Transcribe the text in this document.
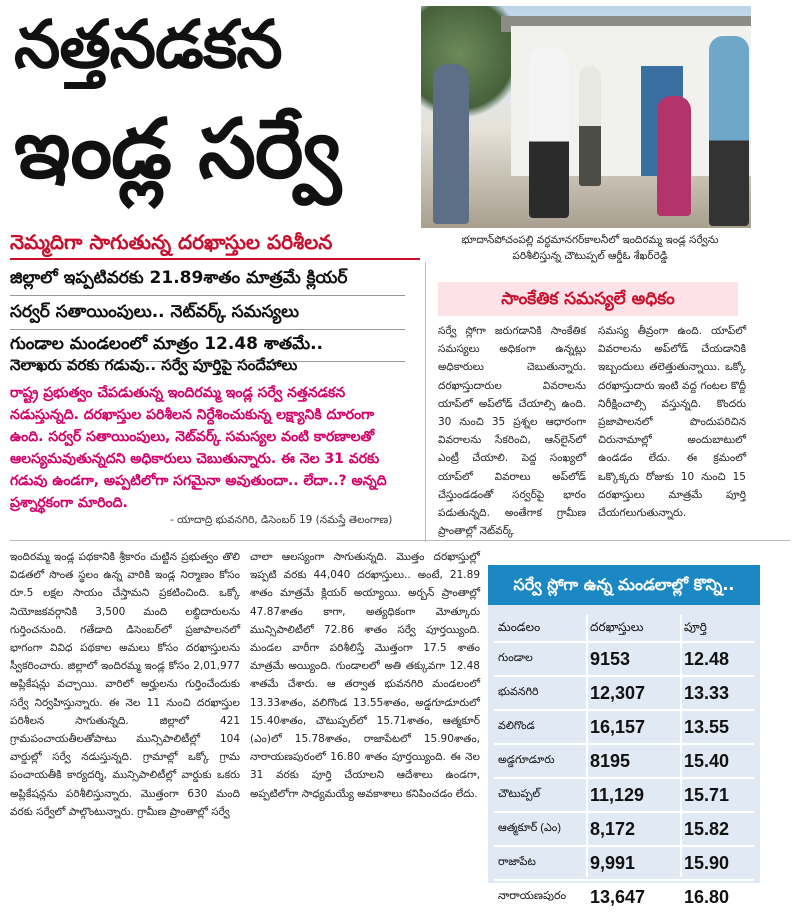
నత్తనడకన
ఇండ్ల సర్వే
భూదాన్‌పోచంపల్లి వర్ధమానగర్‌కాలనీలో ఇందిరమ్మ ఇండ్ల సర్వేను పరిశీలిస్తున్న చౌటుప్పల్ ఆర్డీఓ శేఖర్‌రెడ్డి
నెమ్మదిగా సాగుతున్న దరఖాస్తుల పరిశీలన
జిల్లాలో ఇప్పటివరకు 21.89శాతం మాత్రమే క్లియర్
సర్వర్ సతాయింపులు.. నెట్‌వర్క్ సమస్యలు
గుండాల మండలంలో మాత్రం 12.48 శాతమే..
నెలాఖరు వరకు గడువు.. సర్వే పూర్తిపై సందేహాలు
రాష్ట్ర ప్రభుత్వం చేపడుతున్న ఇందిరమ్మ ఇండ్ల సర్వే నత్తనడకన నడుస్తున్నది. దరఖాస్తుల పరిశీలన నిర్దేశించుకున్న లక్ష్యానికి దూరంగా ఉంది. సర్వర్ సతాయింపులు, నెట్‌వర్క్ సమస్యల వంటి కారణాలతో ఆలస్యమవుతున్నదని అధికారులు చెబుతున్నారు. ఈ నెల 31 వరకు గడువు ఉండగా, అప్పటిలోగా సగమైనా అవుతుందా.. లేదా..? అన్నది ప్రశ్నార్థకంగా మారింది.
- యాదాద్రి భువనగిరి, డిసెంబర్ 19 (నమస్తే తెలంగాణ)
సాంకేతిక సమస్యలే అధికం
సర్వే స్లోగా జరుగడానికి సాంకేతిక సమస్యలు అధికంగా ఉన్నట్లు అధికారులు చెబుతున్నారు. దరఖాస్తుదారుల వివరాలను యాప్‌లో అప్‌లోడ్ చేయాల్సి ఉంది. 30 నుంచి 35 ప్రశ్నల ఆధారంగా వివరాలను సేకరించి, ఆన్‌లైన్‌లో ఎంట్రీ చేయాలి. పెద్ద సంఖ్యలో యాప్‌లో వివరాలు అప్‌లోడ్ చేస్తుండడంతో సర్వర్‌పై భారం పడుతున్నది. అంతేగాక గ్రామీణ ప్రాంతాల్లో నెట్‌వర్క్
సమస్య తీవ్రంగా ఉంది. యాప్‌లో వివరాలను అప్‌లోడ్ చేయడానికి ఇబ్బందులు తలెత్తుతున్నాయి. ఒక్కో దరఖాస్తుదారు ఇంటి వద్ద గంటల కొద్దీ నిరీక్షించాల్సి వస్తున్నది. కొందరు ప్రజాపాలనలో పొందుపరిచిన చిరునామాల్లో అందుబాటులో ఉండడం లేదు. ఈ క్రమంలో ఒక్కొక్కరు రోజుకు 10 నుంచి 15 దరఖాస్తులు మాత్రమే పూర్తి చేయగలుగుతున్నారు.
ఇందిరమ్మ ఇండ్ల పథకానికి శ్రీకారం చుట్టిన ప్రభుత్వం తొలి విడతలో సొంత స్థలం ఉన్న వారికి ఇండ్ల నిర్మాణం కోసం రూ.5 లక్షల సాయం చేస్తామని ప్రకటించింది. ఒక్కో నియోజకవర్గానికి 3,500 మంది లబ్ధిదారులను గుర్తించనుంది. గతేడాది డిసెంబర్‌లో ప్రజాపాలనలో భాగంగా వివిధ పథకాల అమలు కోసం దరఖాస్తులను స్వీకరించారు. జిల్లాలో ఇందిరమ్మ ఇండ్ల కోసం 2,01,977 అప్లికేషన్లు వచ్చాయి. వారిలో అర్హులను గుర్తించేందుకు సర్వే నిర్వహిస్తున్నారు. ఈ నెల 11 నుంచి దరఖాస్తుల పరిశీలన సాగుతున్నది. జిల్లాలో 421 గ్రామపంచాయతీలతోపాటు మున్సిపాలిటీల్లో 104 వార్డుల్లో సర్వే నడుస్తున్నది. గ్రామాల్లో ఒక్కో గ్రామ పంచాయతీకి కార్యదర్శి, మున్సిపాలిటీల్లో వార్డుకు ఒకరు అప్లికేషన్లను పరిశీలిస్తున్నారు. మొత్తంగా 630 మంది వరకు సర్వేలో పాల్గొంటున్నారు. గ్రామీణ ప్రాంతాల్లో సర్వే
చాలా ఆలస్యంగా సాగుతున్నది. మొత్తం దరఖాస్తుల్లో ఇప్పటి వరకు 44,040 దరఖాస్తులు.. అంటే, 21.89 శాతం మాత్రమే క్లియర్ అయ్యాయి. అర్బన్ ప్రాంతాల్లో 47.87శాతం కాగా, అత్యధికంగా మోత్కూరు మున్సిపాలిటీలో 72.86 శాతం సర్వే పూర్తయ్యింది. మండల వారీగా పరిశీలిస్తే మొత్తంగా 17.5 శాతం మాత్రమే అయ్యింది. గుండాలలో అతి తక్కువగా 12.48 శాతమే చేశారు. ఆ తర్వాత భువనగిరి మండలంలో 13.33శాతం, వలిగొండ 13.55శాతం, అడ్డగూడూరులో 15.40శాతం, చౌటుప్పల్‌లో 15.71శాతం, ఆత్మకూర్ (ఎం)లో 15.78శాతం, రాజాపేటలో 15.90శాతం, నారాయణపురంలో 16.80 శాతం పూర్తయ్యింది. ఈ నెల 31 వరకు పూర్తి చేయాలని ఆదేశాలు ఉండగా, అప్పటిలోగా సాధ్యమయ్యే అవకాశాలు కనిపించడం లేదు.
సర్వే స్లోగా ఉన్న మండలాల్లో కొన్ని..
మండలం	దరఖాస్తులు	పూర్తి
గుండాల	9153	12.48
భువనగిరి	12,307	13.33
వలిగొండ	16,157	13.55
అడ్డగూడూరు	8195	15.40
చౌటుప్పల్	11,129	15.71
ఆత్మకూర్ (ఎం)	8,172	15.82
రాజాపేట	9,991	15.90
నారాయణపురం	13,647	16.80
